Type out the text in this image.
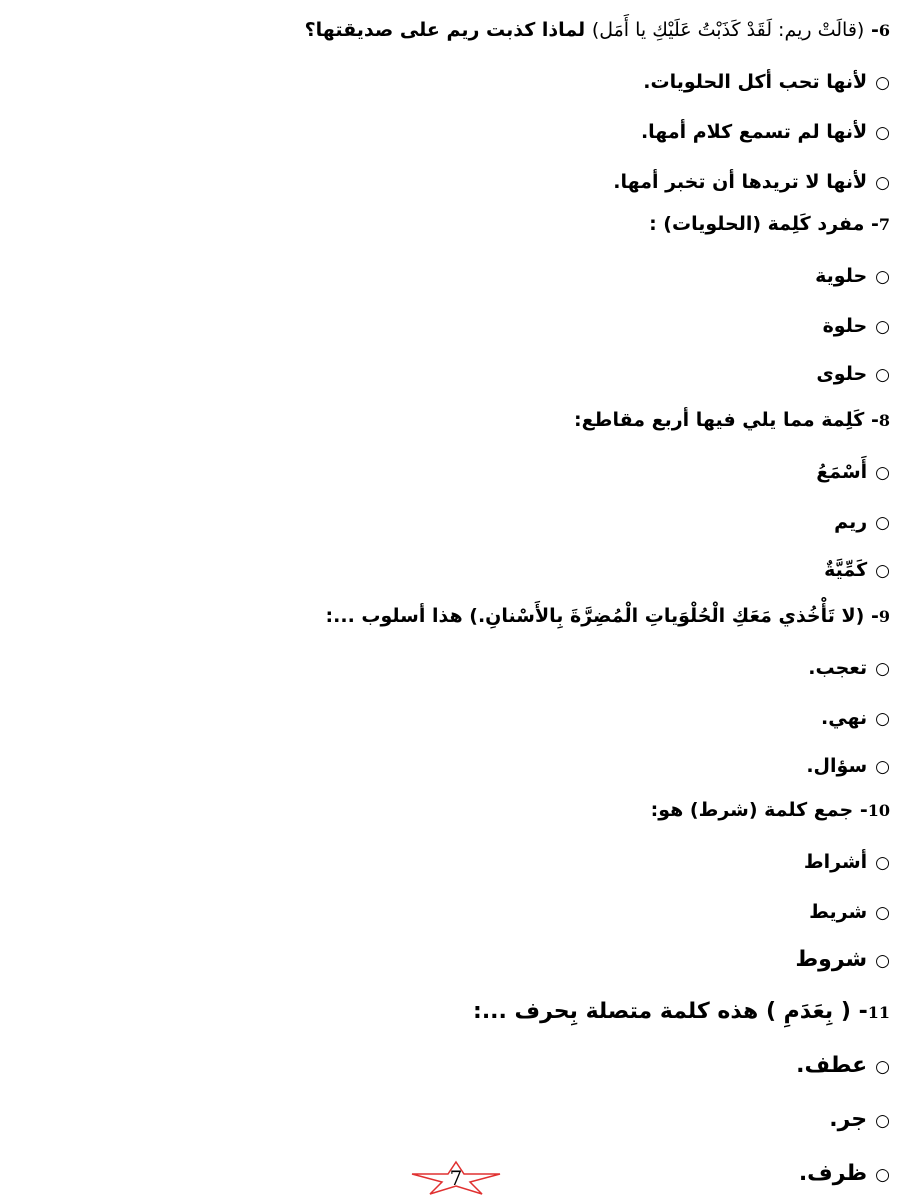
6- (قالَتْ ريم: لَقَدْ كَذَبْتُ عَلَيْكِ يا أَمَل) لماذا كذبت ريم على صديقتها؟
○لأنها تحب أكل الحلويات.
○لأنها لم تسمع كلام أمها.
○لأنها لا تريدها أن تخبر أمها.
7- مفرد كَلِمة (الحلويات) :
○حلوية
○حلوة
○حلوى
8- كَلِمة مما يلي فيها أربع مقاطع:
○أَسْمَعُ
○ريم
○كَمِّيَّةٌ
9- (لا تَأْخُذي مَعَكِ الْحُلْوَياتِ الْمُضِرَّةَ بِالأَسْنانِ.) هذا أسلوب ...:
○تعجب.
○نهي.
○سؤال.
10- جمع كلمة (شرط) هو:
○أشراط
○شريط
○شروط
11- ( بِعَدَمِ ) هذه كلمة متصلة بِحرف ...:
○عطف.
○جر.
○ظرف.
7
